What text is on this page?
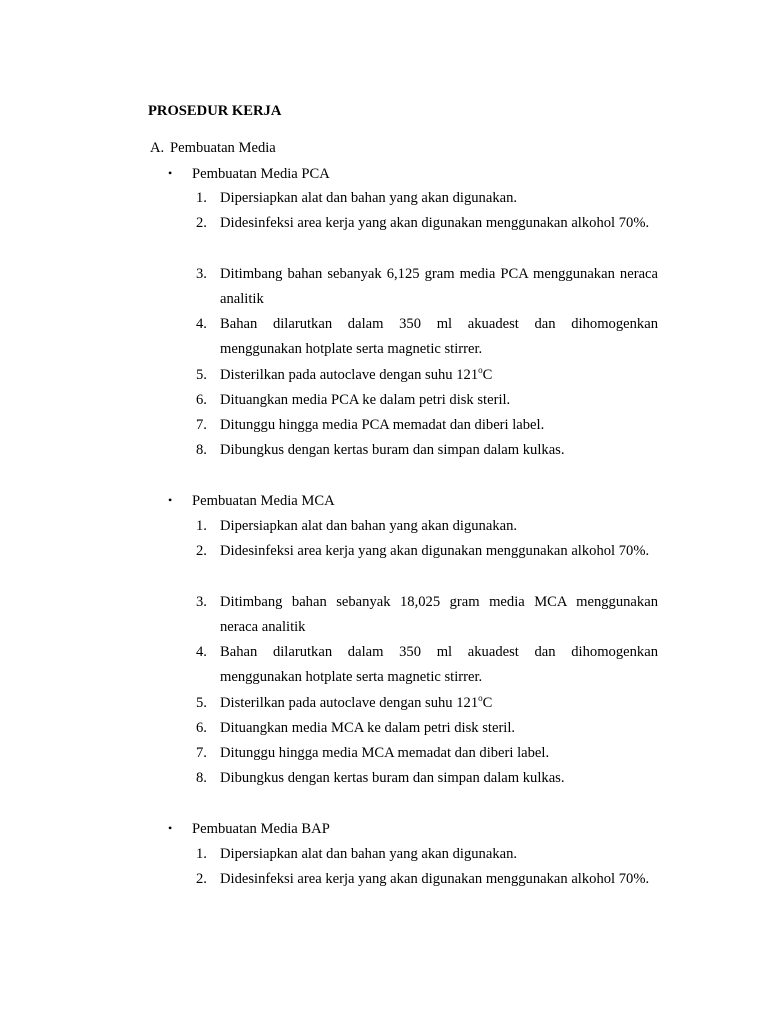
PROSEDUR KERJA
A. Pembuatan Media
• Pembuatan Media PCA
1. Dipersiapkan alat dan bahan yang akan digunakan.
2. Didesinfeksi area kerja yang akan digunakan menggunakan alkohol 70%.
3. Ditimbang bahan sebanyak 6,125 gram media PCA menggunakan neraca analitik
4. Bahan dilarutkan dalam 350 ml akuadest dan dihomogenkan menggunakan hotplate serta magnetic stirrer.
5. Disterilkan pada autoclave dengan suhu 121$^o$C
6. Dituangkan media PCA ke dalam petri disk steril.
7. Ditunggu hingga media PCA memadat dan diberi label.
8. Dibungkus dengan kertas buram dan simpan dalam kulkas.
• Pembuatan Media MCA
1. Dipersiapkan alat dan bahan yang akan digunakan.
2. Didesinfeksi area kerja yang akan digunakan menggunakan alkohol 70%.
3. Ditimbang bahan sebanyak 18,025 gram media MCA menggunakan neraca analitik
4. Bahan dilarutkan dalam 350 ml akuadest dan dihomogenkan menggunakan hotplate serta magnetic stirrer.
5. Disterilkan pada autoclave dengan suhu 121$^o$C
6. Dituangkan media MCA ke dalam petri disk steril.
7. Ditunggu hingga media MCA memadat dan diberi label.
8. Dibungkus dengan kertas buram dan simpan dalam kulkas.
• Pembuatan Media BAP
1. Dipersiapkan alat dan bahan yang akan digunakan.
2. Didesinfeksi area kerja yang akan digunakan menggunakan alkohol 70%.
